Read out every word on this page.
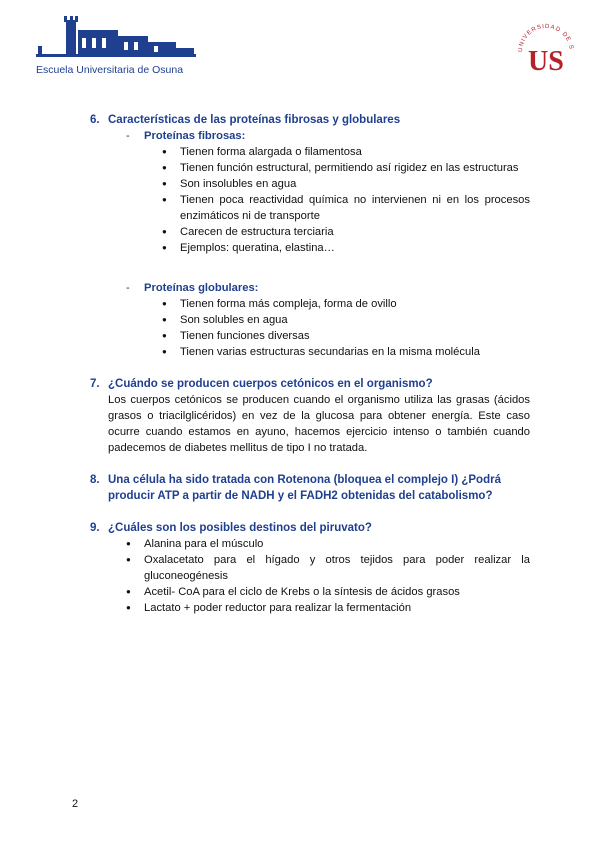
Escuela Universitaria de Osuna
UNIVERSIDAD DE S
US
6. Características de las proteínas fibrosas y globulares
- Proteínas fibrosas:
● Tienen forma alargada o filamentosa
● Tienen función estructural, permitiendo así rigidez en las estructuras
● Son insolubles en agua
● Tienen poca reactividad química no intervienen ni en los procesos enzimáticos ni de transporte
● Carecen de estructura terciaria
● Ejemplos: queratina, elastina…
- Proteínas globulares:
● Tienen forma más compleja, forma de ovillo
● Son solubles en agua
● Tienen funciones diversas
● Tienen varias estructuras secundarias en la misma molécula
7. ¿Cuándo se producen cuerpos cetónicos en el organismo?
Los cuerpos cetónicos se producen cuando el organismo utiliza las grasas (ácidos grasos o triacilglicéridos) en vez de la glucosa para obtener energía. Este caso ocurre cuando estamos en ayuno, hacemos ejercicio intenso o también cuando padecemos de diabetes mellitus de tipo I no tratada.
8. Una célula ha sido tratada con Rotenona (bloquea el complejo I) ¿Podrá producir ATP a partir de NADH y el FADH2 obtenidas del catabolismo?
9. ¿Cuáles son los posibles destinos del piruvato?
● Alanina para el músculo
● Oxalacetato para el hígado y otros tejidos para poder realizar la gluconeogénesis
● Acetil- CoA para el ciclo de Krebs o la síntesis de ácidos grasos
● Lactato + poder reductor para realizar la fermentación
2
